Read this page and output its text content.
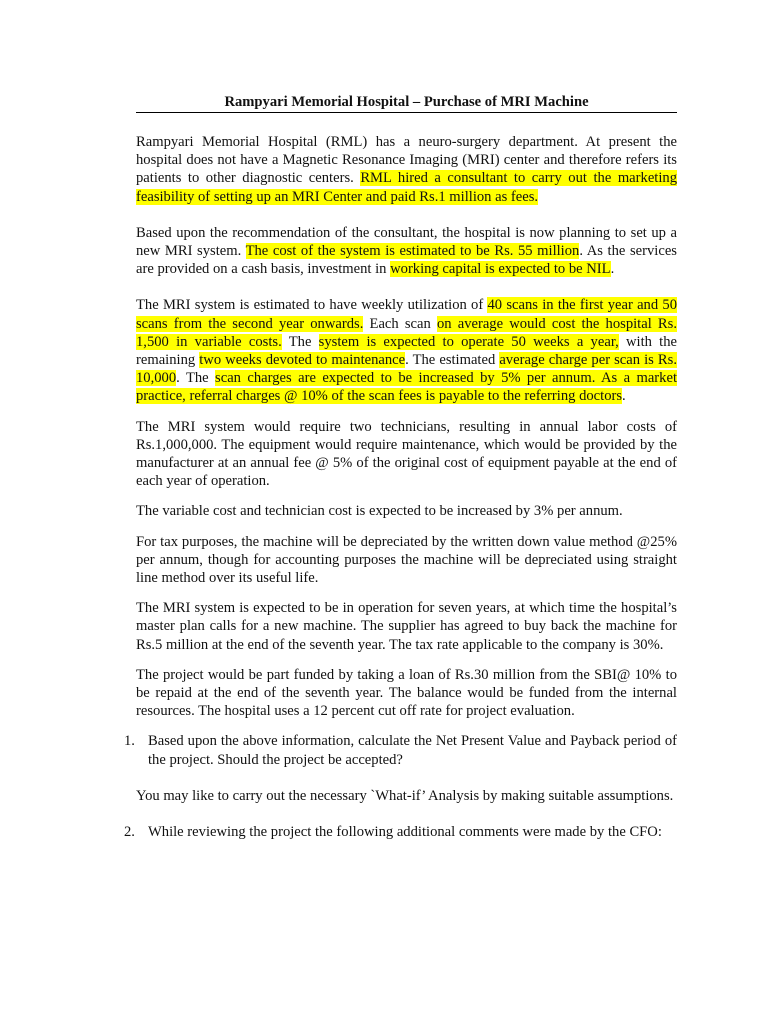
Rampyari Memorial Hospital – Purchase of MRI Machine

Rampyari Memorial Hospital (RML) has a neuro-surgery department. At present the hospital does not have a Magnetic Resonance Imaging (MRI) center and therefore refers its patients to other diagnostic centers. RML hired a consultant to carry out the marketing feasibility of setting up an MRI Center and paid Rs.1 million as fees.

Based upon the recommendation of the consultant, the hospital is now planning to set up a new MRI system. The cost of the system is estimated to be Rs. 55 million. As the services are provided on a cash basis, investment in working capital is expected to be NIL.

The MRI system is estimated to have weekly utilization of 40 scans in the first year and 50 scans from the second year onwards. Each scan on average would cost the hospital Rs. 1,500 in variable costs. The system is expected to operate 50 weeks a year, with the remaining two weeks devoted to maintenance. The estimated average charge per scan is Rs. 10,000. The scan charges are expected to be increased by 5% per annum. As a market practice, referral charges @ 10% of the scan fees is payable to the referring doctors.

The MRI system would require two technicians, resulting in annual labor costs of Rs.1,000,000. The equipment would require maintenance, which would be provided by the manufacturer at an annual fee @ 5% of the original cost of equipment payable at the end of each year of operation.

The variable cost and technician cost is expected to be increased by 3% per annum.

For tax purposes, the machine will be depreciated by the written down value method @25% per annum, though for accounting purposes the machine will be depreciated using straight line method over its useful life.

The MRI system is expected to be in operation for seven years, at which time the hospital’s master plan calls for a new machine. The supplier has agreed to buy back the machine for Rs.5 million at the end of the seventh year. The tax rate applicable to the company is 30%.

The project would be part funded by taking a loan of Rs.30 million from the SBI@ 10% to be repaid at the end of the seventh year. The balance would be funded from the internal resources. The hospital uses a 12 percent cut off rate for project evaluation.

1. Based upon the above information, calculate the Net Present Value and Payback period of the project. Should the project be accepted?

You may like to carry out the necessary `What-if’ Analysis by making suitable assumptions.

2. While reviewing the project the following additional comments were made by the CFO:
